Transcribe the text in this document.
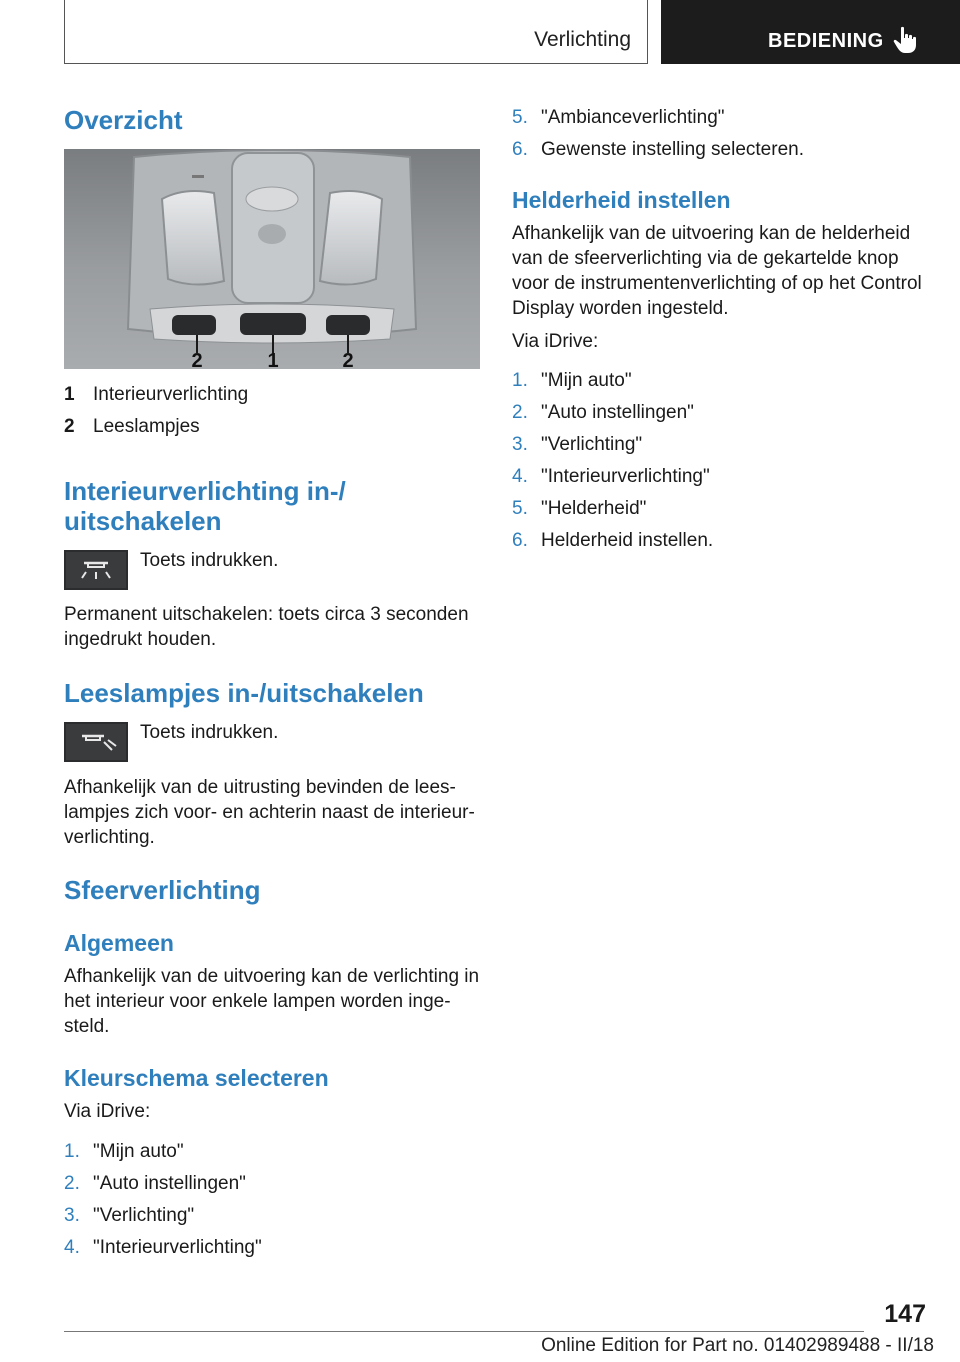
Verlichting	BEDIENING
Overzicht
2	1	2
1 Interieurverlichting
2 Leeslampjes
Interieurverlichting in-/
uitschakelen
Toets indrukken.

Permanent uitschakelen: toets circa 3 seconden

ingedrukt houden.

Leeslampjes in-/uitschakelen
Toets indrukken.

Afhankelijk van de uitrusting bevinden de lees‐

lampjes zich voor- en achterin naast de interieur‐

verlichting.

Sfeerverlichting
Algemeen

Afhankelijk van de uitvoering kan de verlichting in

het interieur voor enkele lampen worden inge‐

steld.

Kleurschema selecteren

Via iDrive:

1. "Mijn auto"
2. "Auto instellingen"
3. "Verlichting"
4. "Interieurverlichting"
5. "Ambianceverlichting"
6. Gewenste instelling selecteren.
Helderheid instellen

Afhankelijk van de uitvoering kan de helderheid

van de sfeerverlichting via de gekartelde knop

voor de instrumentenverlichting of op het Control

Display worden ingesteld.

Via iDrive:

1. "Mijn auto"
2. "Auto instellingen"
3. "Verlichting"
4. "Interieurverlichting"
5. "Helderheid"
6. Helderheid instellen.
147
Online Edition for Part no. 01402989488 - II/18
